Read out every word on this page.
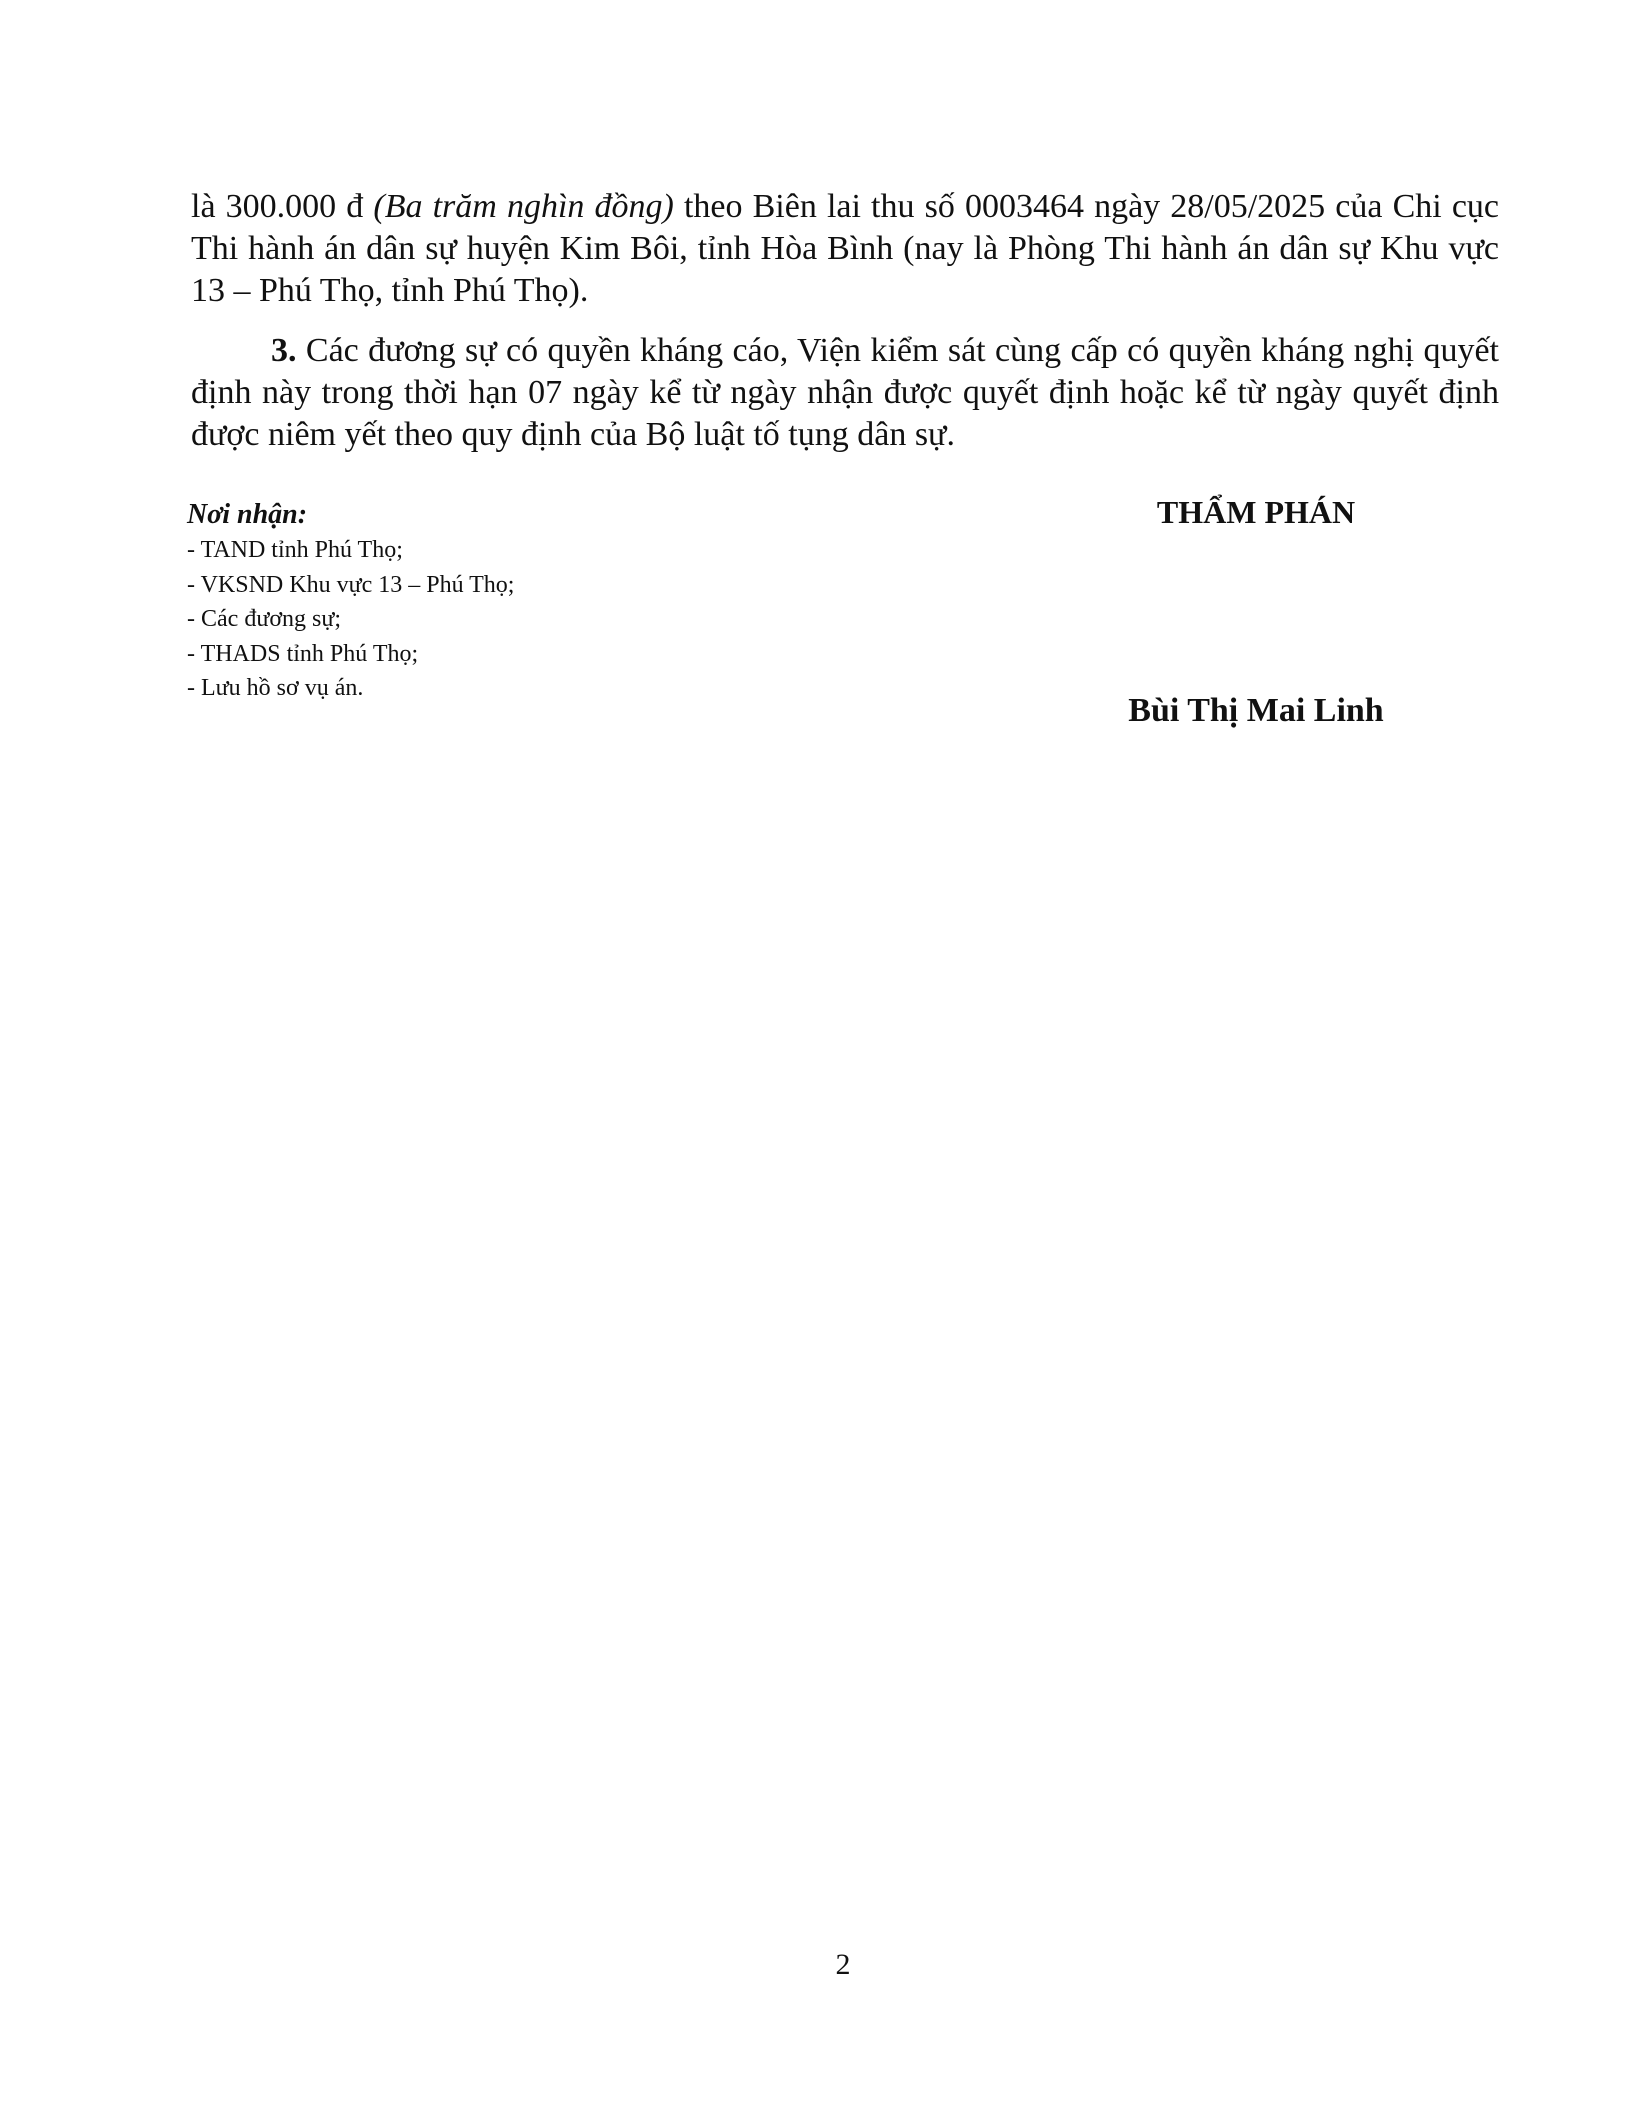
là 300.000 đ (Ba trăm nghìn đồng) theo Biên lai thu số 0003464 ngày 28/05/2025 của Chi cục Thi hành án dân sự huyện Kim Bôi, tỉnh Hòa Bình (nay là Phòng Thi hành án dân sự Khu vực 13 – Phú Thọ, tỉnh Phú Thọ).
3. Các đương sự có quyền kháng cáo, Viện kiểm sát cùng cấp có quyền kháng nghị quyết định này trong thời hạn 07 ngày kể từ ngày nhận được quyết định hoặc kể từ ngày quyết định được niêm yết theo quy định của Bộ luật tố tụng dân sự.
Nơi nhận:
- TAND tỉnh Phú Thọ;
- VKSND Khu vực 13 – Phú Thọ;
- Các đương sự;
- THADS tỉnh Phú Thọ;
- Lưu hồ sơ vụ án.
THẨM PHÁN
Bùi Thị Mai Linh
2
